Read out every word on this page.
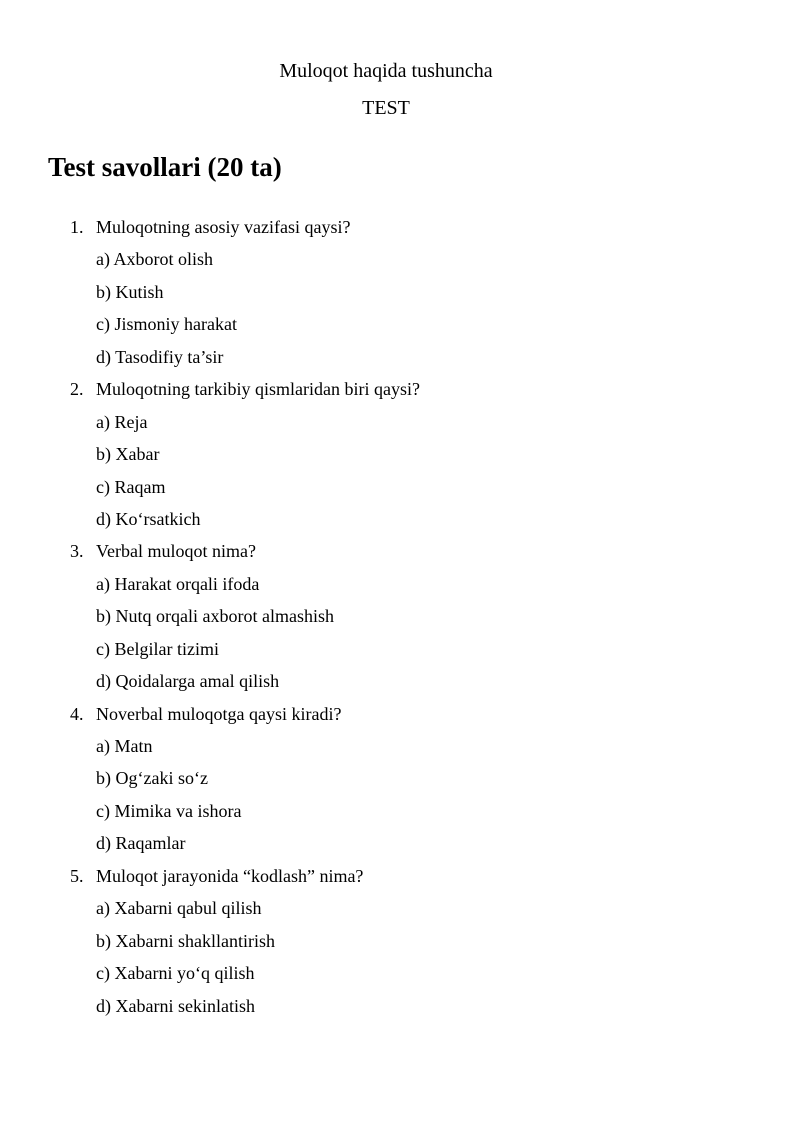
Muloqot haqida tushuncha

TEST

Test savollari (20 ta)
1. Muloqotning asosiy vazifasi qaysi?
a) Axborot olish
b) Kutish
c) Jismoniy harakat
d) Tasodifiy ta’sir
2. Muloqotning tarkibiy qismlaridan biri qaysi?
a) Reja
b) Xabar
c) Raqam
d) Ko‘rsatkich
3. Verbal muloqot nima?
a) Harakat orqali ifoda
b) Nutq orqali axborot almashish
c) Belgilar tizimi
d) Qoidalarga amal qilish
4. Noverbal muloqotga qaysi kiradi?
a) Matn
b) Og‘zaki so‘z
c) Mimika va ishora
d) Raqamlar
5. Muloqot jarayonida “kodlash” nima?
a) Xabarni qabul qilish
b) Xabarni shakllantirish
c) Xabarni yo‘q qilish
d) Xabarni sekinlatish
